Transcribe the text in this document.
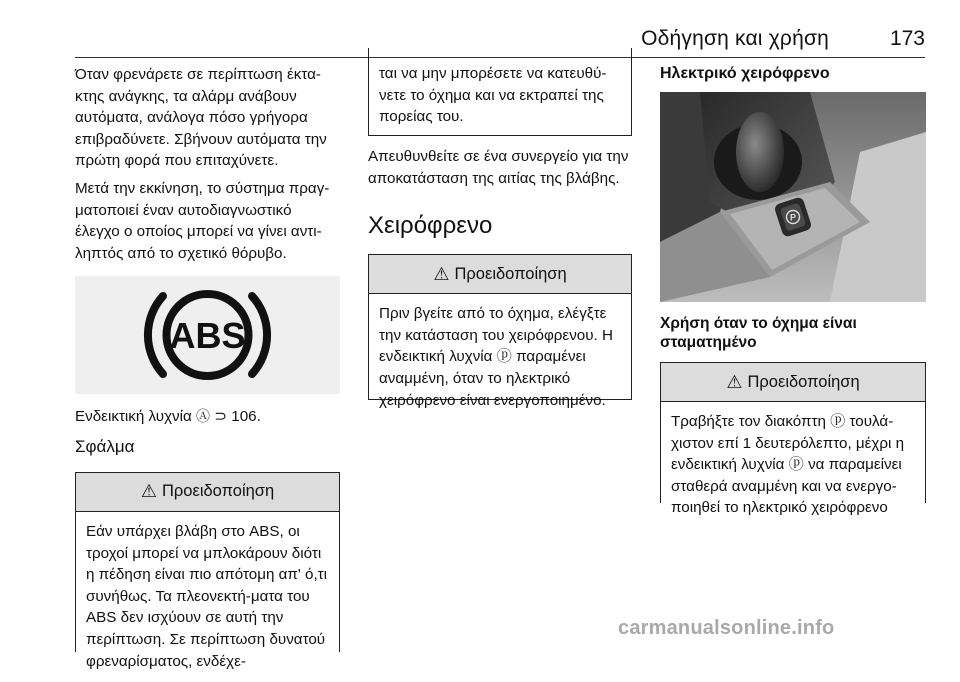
Οδήγηση και χρήση	173

Όταν φρενάρετε σε περίπτωση έκτα-κτης ανάγκης, τα αλάρμ ανάβουν αυτόματα, ανάλογα πόσο γρήγορα επιβραδύνετε. Σβήνουν αυτόματα την πρώτη φορά που επιταχύνετε.

Μετά την εκκίνηση, το σύστημα πραγ-ματοποιεί έναν αυτοδιαγνωστικό έλεγχο ο οποίος μπορεί να γίνει αντι-ληπτός από το σχετικό θόρυβο.

ABS

Ενδεικτική λυχνία Ⓐ ⊃ 106.

Σφάλμα

⚠ Προειδοποίηση

Εάν υπάρχει βλάβη στο ABS, οι τροχοί μπορεί να μπλοκάρουν διότι η πέδηση είναι πιο απότομη απ' ό,τι συνήθως. Τα πλεονεκτή-ματα του ABS δεν ισχύουν σε αυτή την περίπτωση. Σε περίπτωση δυνατού φρεναρίσματος, ενδέχε-

ται να μην μπορέσετε να κατευθύ-νετε το όχημα και να εκτραπεί της πορείας του.

Απευθυνθείτε σε ένα συνεργείο για την αποκατάσταση της αιτίας της βλάβης.

Χειρόφρενο

⚠ Προειδοποίηση

Πριν βγείτε από το όχημα, ελέγξτε την κατάσταση του χειρόφρενου. Η ενδεικτική λυχνία ⓟ παραμένει αναμμένη, όταν το ηλεκτρικό χειρόφρενο είναι ενεργοποιημένο.

Ηλεκτρικό χειρόφρενο

P

Χρήση όταν το όχημα είναι σταματημένο

⚠ Προειδοποίηση

Τραβήξτε τον διακόπτη ⓟ τουλά-χιστον επί 1 δευτερόλεπτο, μέχρι η ενδεικτική λυχνία ⓟ να παραμείνει σταθερά αναμμένη και να ενεργο-ποιηθεί το ηλεκτρικό χειρόφρενο

carmanualsonline.info
